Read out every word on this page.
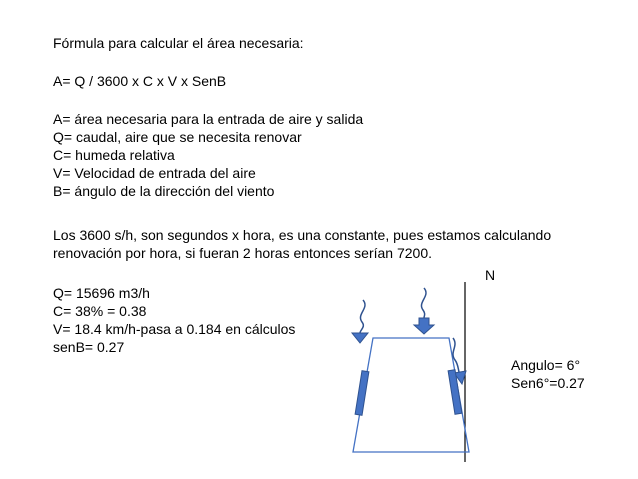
Fórmula para calcular el área necesaria:
A= Q / 3600 x C x V x SenB
A= área necesaria para la entrada de aire y salida
Q= caudal, aire que se necesita renovar
C= humeda relativa
V= Velocidad de entrada del aire
B= ángulo de la dirección del viento
Los 3600 s/h, son segundos x hora, es una constante, pues estamos calculando
renovación por hora, si fueran 2 horas entonces serían 7200.
Q= 15696 m3/h
C= 38% = 0.38
V= 18.4 km/h-pasa a 0.184 en cálculos
senB= 0.27
N
Angulo= 6°
Sen6°=0.27
